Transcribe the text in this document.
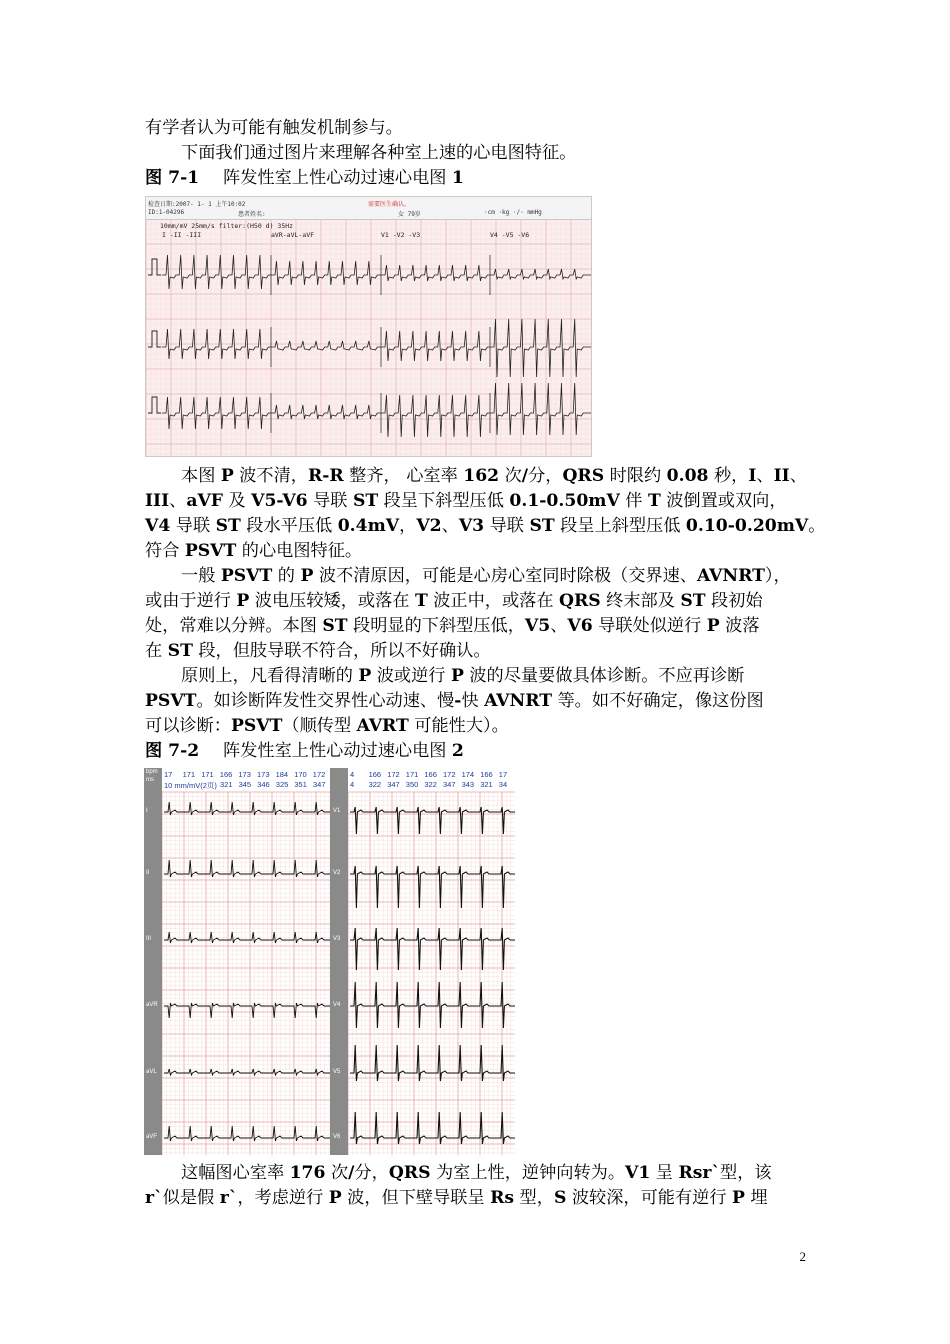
有学者认为可能有触发机制参与。
下面我们通过图片来理解各种室上速的心电图特征。
图 7-1 阵发性室上性心动过速心电图 1
检查日期:2007- 1- 1 上午10:02
ID:1-04296	患者姓名:
需要医生确认。
女 79岁	·cm ·kg ·/· mmHg
10mm/mV 25mm/s filter:(H50 d) 35Hz
I -II -III	aVR-aVL-aVF	V1 -V2 -V3	V4 -V5 -V6
本图 P 波不清，R-R 整齐， 心室率 162 次/分，QRS 时限约 0.08 秒，I、II、
III、aVF 及 V5-V6 导联 ST 段呈下斜型压低 0.1-0.50mV 伴 T 波倒置或双向，
V4 导联 ST 段水平压低 0.4mV，V2、V3 导联 ST 段呈上斜型压低 0.10-0.20mV。
符合 PSVT 的心电图特征。
一般 PSVT 的 P 波不清原因，可能是心房心室同时除极（交界速、AVNRT），
或由于逆行 P 波电压较矮，或落在 T 波正中，或落在 QRS 终末部及 ST 段初始
处，常难以分辨。本图 ST 段明显的下斜型压低，V5、V6 导联处似逆行 P 波落
在 ST 段，但肢导联不符合，所以不好确认。
原则上，凡看得清晰的 P 波或逆行 P 波的尽量要做具体诊断。不应再诊断
PSVT。如诊断阵发性交界性心动速、慢-快 AVNRT 等。如不好确定，像这份图
可以诊断：PSVT（顺传型 AVRT 可能性大）。
图 7-2 阵发性室上性心动过速心电图 2
bpm
ms
I
II
III
aVR
aVL
aVF
V1
V2
V3
V4
V5
V6
17 171 171 166 173 173 184 170 172
10 mm/mV(2页) 321 345 346 325 351 347
4 166 172 171 166 172 174 166 17
4 322 347 350 322 347 343 321 34
这幅图心室率 176 次/分，QRS 为室上性，逆钟向转为。V1 呈 Rsr`型，该
r`似是假 r`，考虑逆行 P 波，但下壁导联呈 Rs 型，S 波较深，可能有逆行 P 埋
2
